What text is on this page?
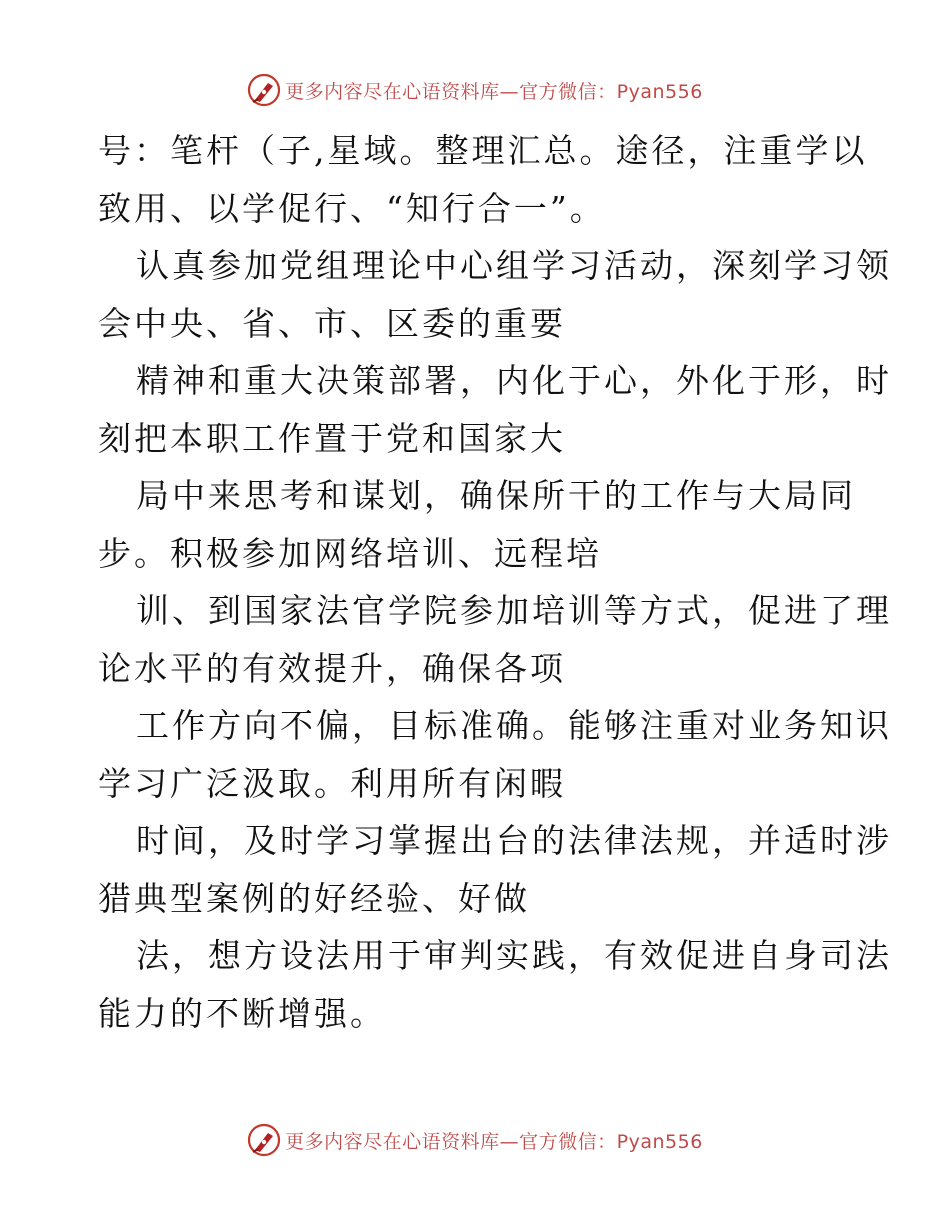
更多内容尽在心语资料库—官方微信：Pyan556
号：笔杆（子,星域。整理汇总。途径，注重学以
致用、以学促行、“知行合一”。
认真参加党组理论中心组学习活动，深刻学习领
会中央、省、市、区委的重要
精神和重大决策部署，内化于心，外化于形，时
刻把本职工作置于党和国家大
局中来思考和谋划，确保所干的工作与大局同
步。积极参加网络培训、远程培
训、到国家法官学院参加培训等方式，促进了理
论水平的有效提升，确保各项
工作方向不偏，目标准确。能够注重对业务知识
学习广泛汲取。利用所有闲暇
时间，及时学习掌握出台的法律法规，并适时涉
猎典型案例的好经验、好做
法，想方设法用于审判实践，有效促进自身司法
能力的不断增强。
更多内容尽在心语资料库—官方微信：Pyan556
